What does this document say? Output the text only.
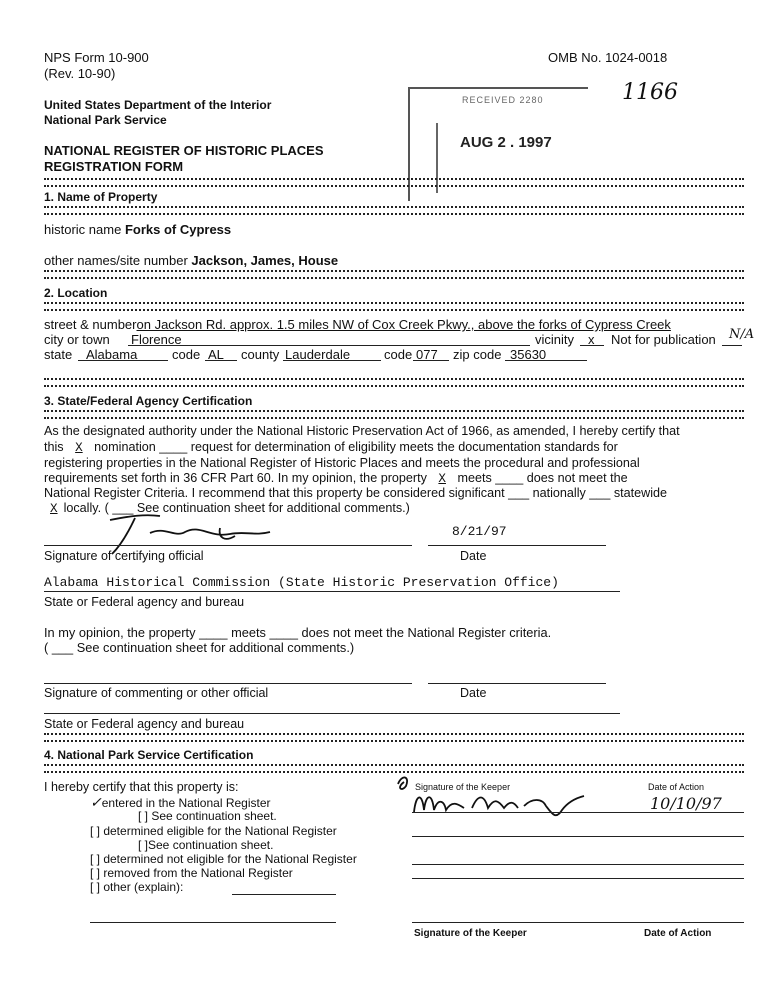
NPS Form 10-900
(Rev. 10-90)
OMB No. 1024-0018
United States Department of the Interior
National Park Service
NATIONAL REGISTER OF HISTORIC PLACES
REGISTRATION FORM
RECEIVED 2280
AUG 2 . 1997
1166
1. Name of Property
historic name Forks of Cypress
other names/site number Jackson, James, House
2. Location
street & numberon Jackson Rd. approx. 1.5 miles NW of Cox Creek Pkwy., above the forks of Cypress Creek
city or town Florence	vicinity x Not for publication N/A
state Alabama	code AL county Lauderdale	code 077 zip code 35630
3. State/Federal Agency Certification
As the designated authority under the National Historic Preservation Act of 1966, as amended, I hereby certify that
this X nomination ____ request for determination of eligibility meets the documentation standards for
registering properties in the National Register of Historic Places and meets the procedural and professional
requirements set forth in 36 CFR Part 60. In my opinion, the property X meets ____ does not meet the
National Register Criteria. I recommend that this property be considered significant ___ nationally ___ statewide
X locally. ( ___ See continuation sheet for additional comments.)
8/21/97
Signature of certifying official	Date
Alabama Historical Commission (State Historic Preservation Office)
State or Federal agency and bureau
In my opinion, the property ____ meets ____ does not meet the National Register criteria.
( ___ See continuation sheet for additional comments.)
Signature of commenting or other official	Date
State or Federal agency and bureau
4. National Park Service Certification
I hereby certify that this property is:
✓entered in the National Register
[ ] See continuation sheet.
[ ] determined eligible for the National Register
[ ]See continuation sheet.
[ ] determined not eligible for the National Register
[ ] removed from the National Register
[ ] other (explain):
Signature of the Keeper	Date of Action
10/10/97
Signature of the Keeper	Date of Action
